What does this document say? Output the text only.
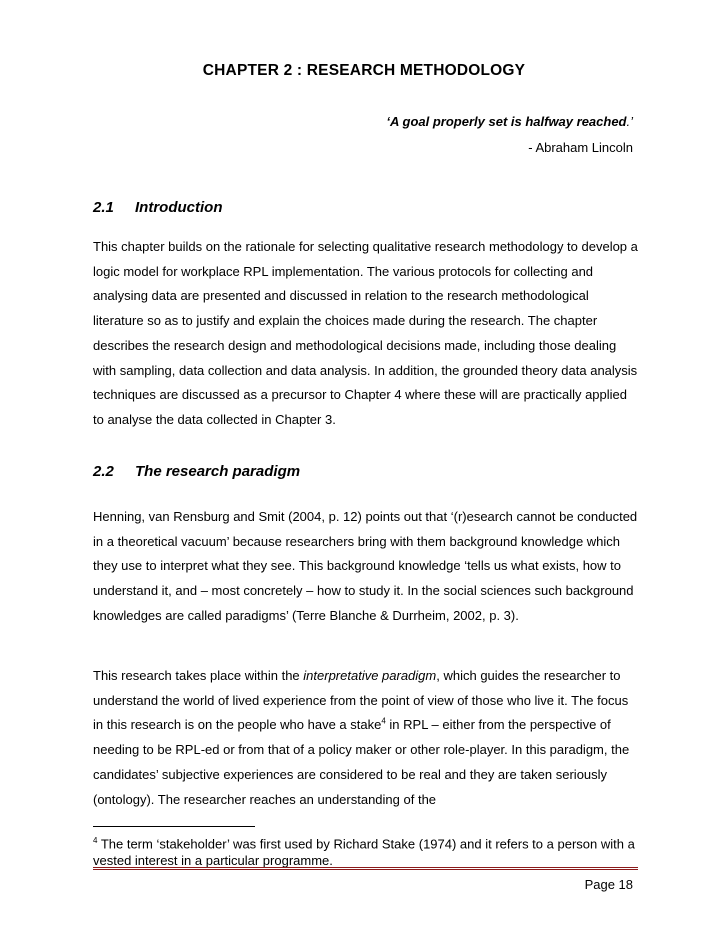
CHAPTER 2 : RESEARCH METHODOLOGY
‘A goal properly set is halfway reached.’
- Abraham Lincoln
2.1 Introduction

This chapter builds on the rationale for selecting qualitative research methodology to develop a logic model for workplace RPL implementation. The various protocols for collecting and analysing data are presented and discussed in relation to the research methodological literature so as to justify and explain the choices made during the research. The chapter describes the research design and methodological decisions made, including those dealing with sampling, data collection and data analysis. In addition, the grounded theory data analysis techniques are discussed as a precursor to Chapter 4 where these will are practically applied to analyse the data collected in Chapter 3.

2.2 The research paradigm

Henning, van Rensburg and Smit (2004, p. 12) points out that ‘(r)esearch cannot be conducted in a theoretical vacuum’ because researchers bring with them background knowledge which they use to interpret what they see. This background knowledge ‘tells us what exists, how to understand it, and – most concretely – how to study it. In the social sciences such background knowledges are called paradigms’ (Terre Blanche & Durrheim, 2002, p. 3).

This research takes place within the interpretative paradigm, which guides the researcher to understand the world of lived experience from the point of view of those who live it. The focus in this research is on the people who have a stake$^4$ in RPL – either from the perspective of needing to be RPL-ed or from that of a policy maker or other role-player. In this paradigm, the candidates’ subjective experiences are considered to be real and they are taken seriously (ontology). The researcher reaches an understanding of the

$^4$ The term ‘stakeholder’ was first used by Richard Stake (1974) and it refers to a person with a vested interest in a particular programme.

Page 18
